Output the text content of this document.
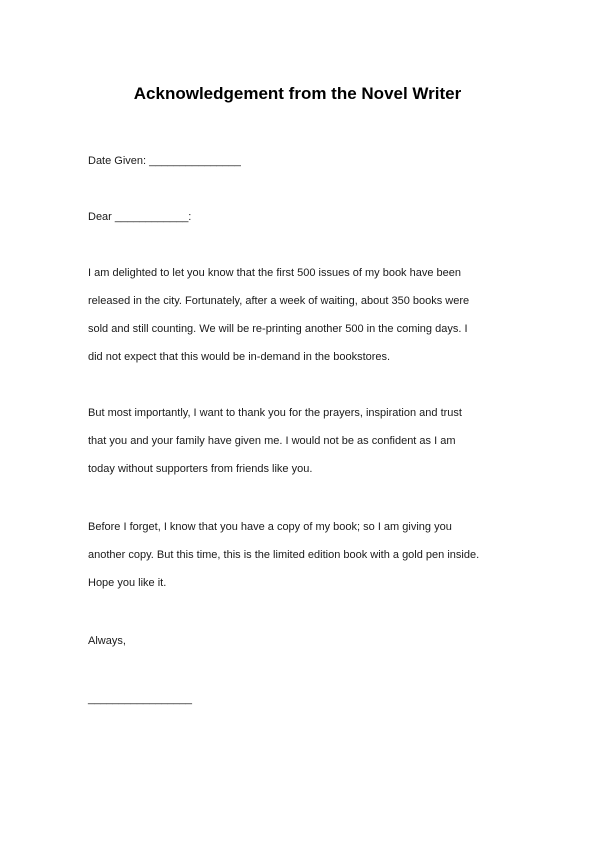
Acknowledgement from the Novel Writer
Date Given: _______________
Dear ____________:
I am delighted to let you know that the first 500 issues of my book have been
released in the city. Fortunately, after a week of waiting, about 350 books were
sold and still counting. We will be re-printing another 500 in the coming days. I
did not expect that this would be in-demand in the bookstores.
But most importantly, I want to thank you for the prayers, inspiration and trust
that you and your family have given me. I would not be as confident as I am
today without supporters from friends like you.
Before I forget, I know that you have a copy of my book; so I am giving you
another copy. But this time, this is the limited edition book with a gold pen inside.
Hope you like it.
Always,
_________________
